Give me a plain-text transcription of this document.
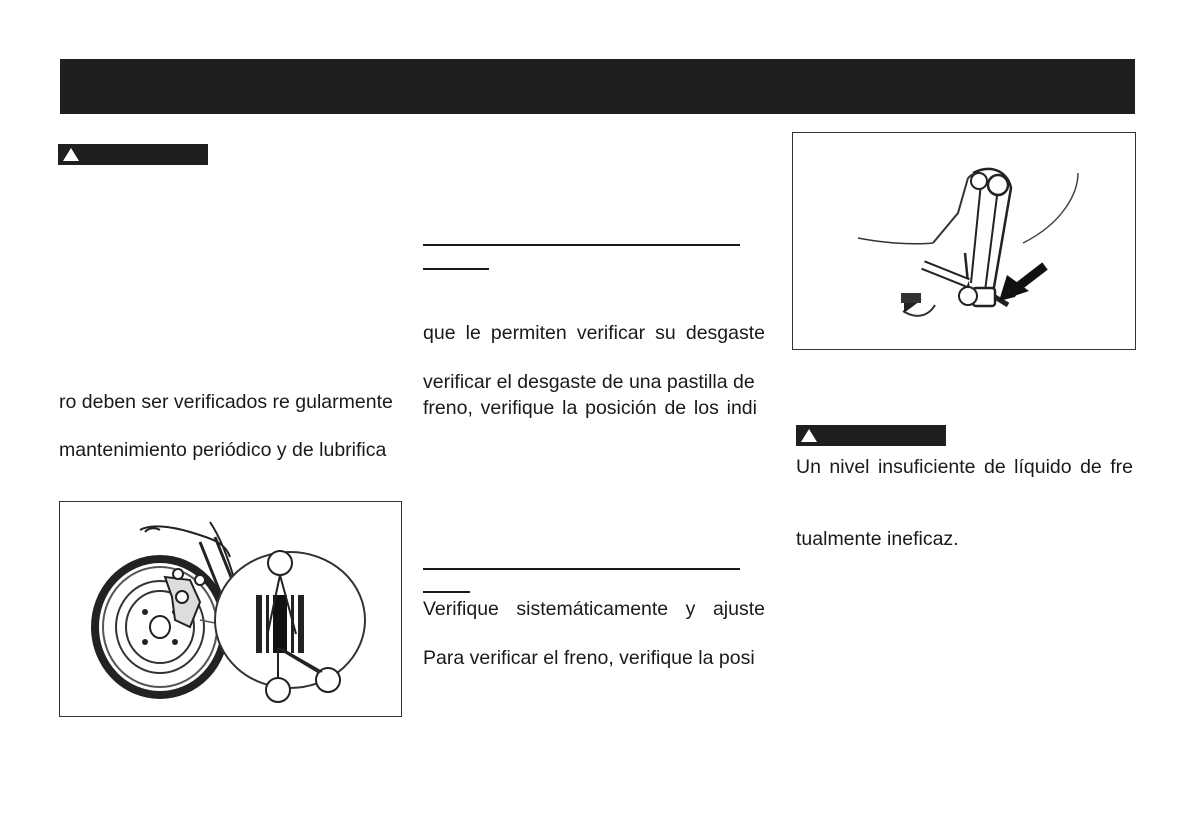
ro deben ser verificados re gularmente
mantenimiento periódico y de lubrifica
que le permiten verificar su desgaste
verificar el desgaste de una pastilla de
freno, verifique la posición de los indi
Verifique sistemáticamente y ajuste
Para verificar el freno, verifique la posi
Un nivel insuficiente de líquido de fre
tualmente ineficaz.
